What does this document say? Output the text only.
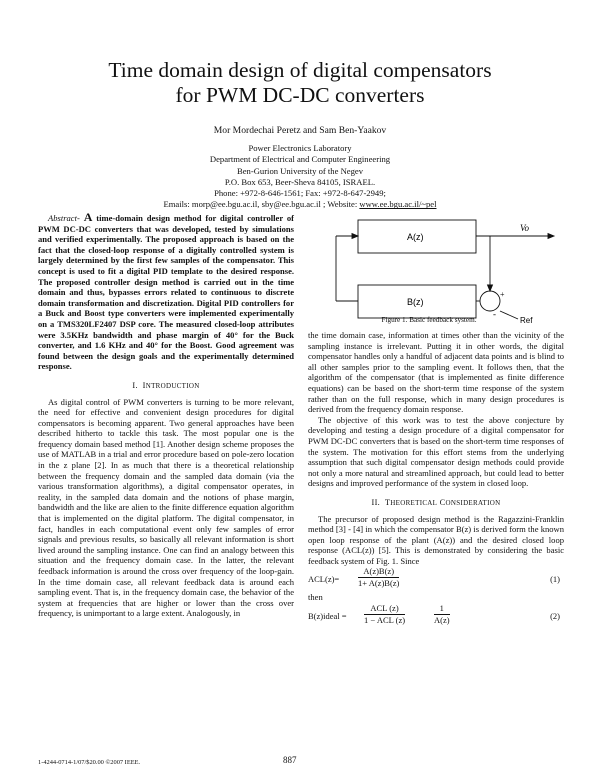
Time domain design of digital compensators
for PWM DC-DC converters
Mor Mordechai Peretz and Sam Ben-Yaakov
Power Electronics Laboratory
Department of Electrical and Computer Engineering
Ben-Gurion University of the Negev
P.O. Box 653, Beer-Sheva 84105, ISRAEL.
Phone: +972-8-646-1561; Fax: +972-8-647-2949;
Emails: morp@ee.bgu.ac.il, sby@ee.bgu.ac.il ; Website: www.ee.bgu.ac.il/~pel

Abstract- A time-domain design method for digital controller of PWM DC-DC converters that was developed, tested by simulations and verified experimentally. The proposed approach is based on the fact that the closed-loop response of a digitally controlled system is largely determined by the first few samples of the compensator. This concept is used to fit a digital PID template to the desired response. The proposed controller design method is carried out in the time domain and thus, bypasses errors related to continuous to discrete domain transformation and discretization. Digital PID controllers for a Buck and Boost type converters were implemented experimentally on a TMS320LF2407 DSP core. The measured closed-loop attributes were 3.5KHz bandwidth and phase margin of 40° for the Buck converter, and 1.6 KHz and 40° for the Boost. Good agreement was found between the design goals and the experimentally determined response.

I. INTRODUCTION

As digital control of PWM converters is turning to be more relevant, the need for effective and convenient design procedures for digital compensators is becoming apparent. Two general approaches have been described hitherto to tackle this task. The most popular one is the frequency domain based method [1]. Another design scheme proposes the use of MATLAB in a trial and error procedure based on pole-zero location in the z plane [2]. In as much that there is a theoretical relationship between the frequency domain and the sampled data domain (via the various transformation algorithms), a digital compensator operates, in reality, in the sampled data domain and the notions of phase margin, bandwidth and the like are alien to the finite difference equation algorithm that is implemented on the digital platform. The digital compensator, in fact, handles in each computational event only few samples of error signals and previous results, so basically all relevant information is short lived around the sampling instance. One can find an analogy between this situation and the frequency domain case. In the latter, the relevant feedback information is around the cross over frequency of the loop-gain. In the time domain case, all relevant feedback data is around each sampling event. That is, in the frequency domain case, the behavior of the system at frequencies that are higher or lower than the cross over frequency, is unimportant to a large extent. Analogously, in

A(z)
B(z)
Vo
+
-
Ref
Figure 1. Basic feedback system.

the time domain case, information at times other than the vicinity of the sampling instance is irrelevant. Putting it in other words, the digital compensator handles only a handful of adjacent data points and is blind to all other samples prior to the sampling event. It follows then, that the algorithm of the compensator (that is implemented as finite difference equations) can be based on the short-term time response of the system rather than on the full response, which in many design procedures is derived from the frequency domain response.

The objective of this work was to test the above conjecture by developing and testing a design procedure of a digital compensator for PWM DC-DC converters that is based on the short-term time responses of the system. The motivation for this effort stems from the underlying assumption that such digital compensator design methods could provide not only a more natural and streamlined approach, but could lead to better designs and improved performance of the system in closed loop.

II. THEORETICAL CONSIDERATION

The precursor of proposed design method is the Ragazzini-Franklin method [3] - [4] in which the compensator B(z) is derived form the known open loop response of the plant (A(z)) and the desired closed loop response (ACL(z)) [5]. This is demonstrated by considering the basic feedback system of Fig. 1. Since

$ACL(z)= \frac{A(z)B(z)}{1+ A(z)B(z)}$	(1)

then

B(z)ideal =
ACL (z)
1 − ACL (z)	$\frac{1}{A(z)}$	(2)
1-4244-0714-1/07/$20.00 ©2007 IEEE.	887
